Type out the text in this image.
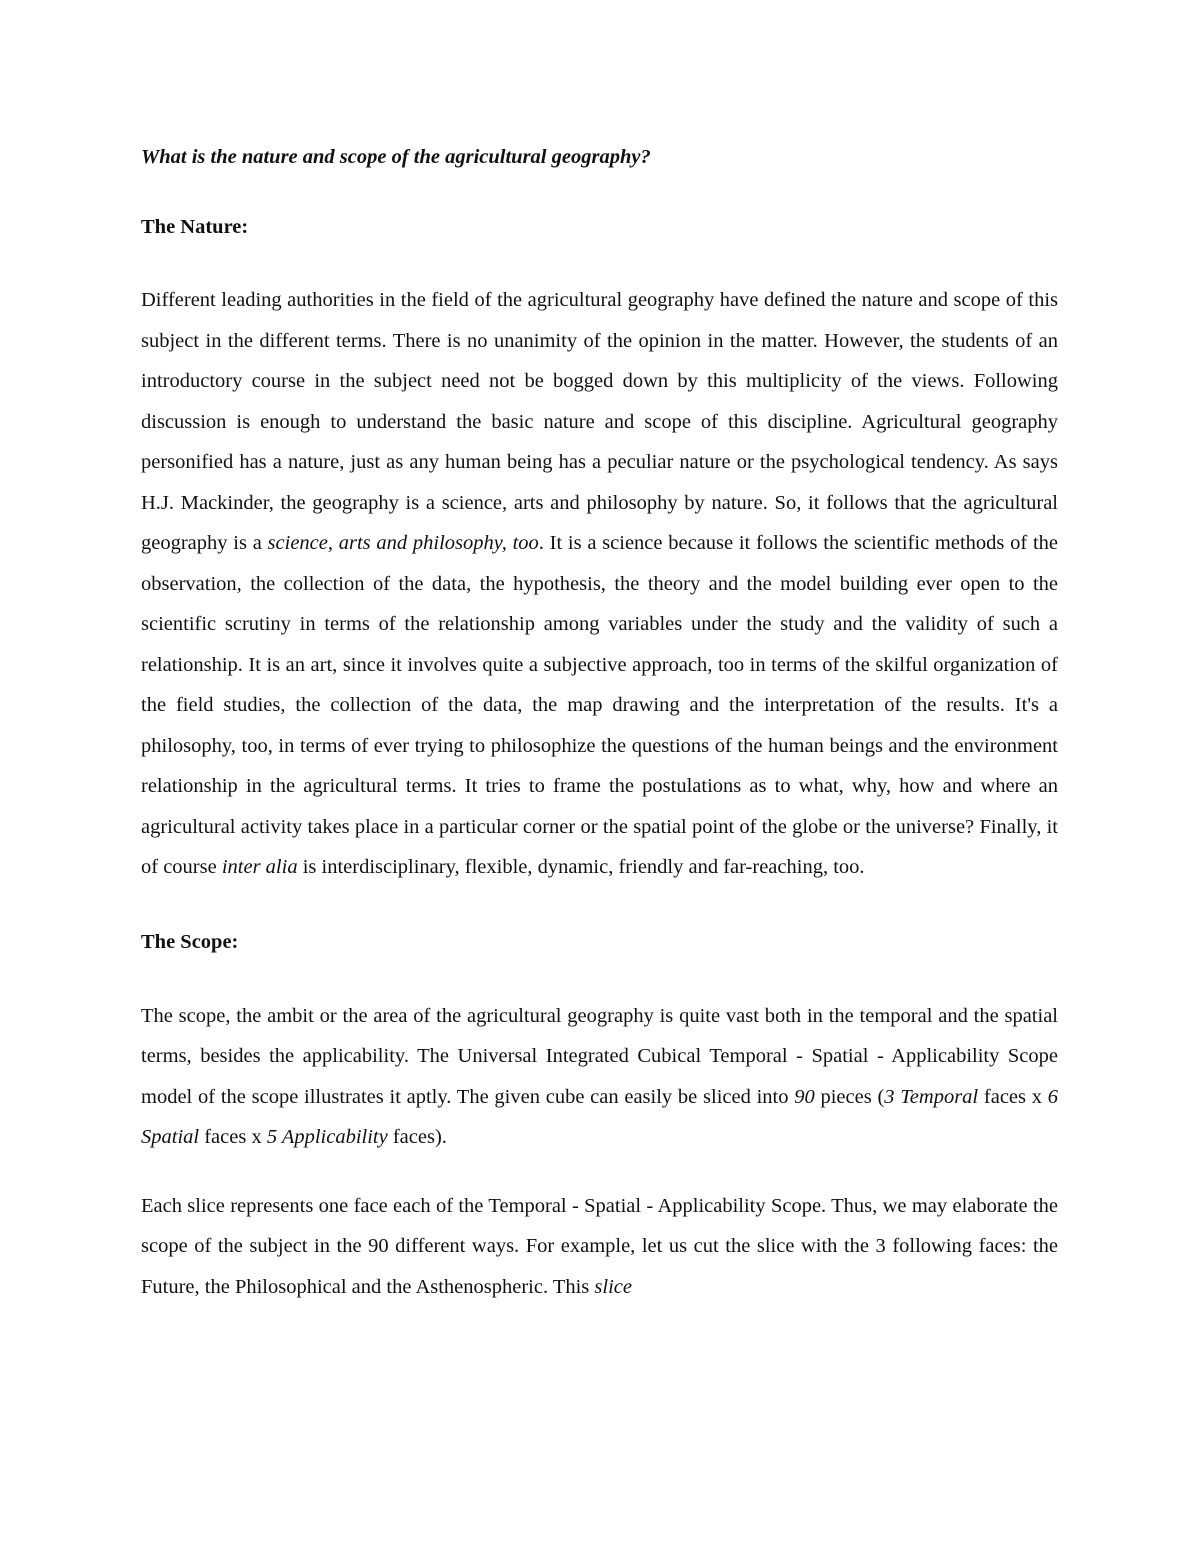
What is the nature and scope of the agricultural geography?

The Nature:

Different leading authorities in the field of the agricultural geography have defined the nature and scope of this subject in the different terms. There is no unanimity of the opinion in the matter. However, the students of an introductory course in the subject need not be bogged down by this multiplicity of the views. Following discussion is enough to understand the basic nature and scope of this discipline. Agricultural geography personified has a nature, just as any human being has a peculiar nature or the psychological tendency. As says H.J. Mackinder, the geography is a science, arts and philosophy by nature. So, it follows that the agricultural geography is a science, arts and philosophy, too. It is a science because it follows the scientific methods of the observation, the collection of the data, the hypothesis, the theory and the model building ever open to the scientific scrutiny in terms of the relationship among variables under the study and the validity of such a relationship. It is an art, since it involves quite a subjective approach, too in terms of the skilful organization of the field studies, the collection of the data, the map drawing and the interpretation of the results. It's a philosophy, too, in terms of ever trying to philosophize the questions of the human beings and the environment relationship in the agricultural terms. It tries to frame the postulations as to what, why, how and where an agricultural activity takes place in a particular corner or the spatial point of the globe or the universe? Finally, it of course inter alia is interdisciplinary, flexible, dynamic, friendly and far-reaching, too.

The Scope:

The scope, the ambit or the area of the agricultural geography is quite vast both in the temporal and the spatial terms, besides the applicability. The Universal Integrated Cubical Temporal - Spatial - Applicability Scope model of the scope illustrates it aptly. The given cube can easily be sliced into 90 pieces (3 Temporal faces x 6 Spatial faces x 5 Applicability faces).

Each slice represents one face each of the Temporal - Spatial - Applicability Scope. Thus, we may elaborate the scope of the subject in the 90 different ways. For example, let us cut the slice with the 3 following faces: the Future, the Philosophical and the Asthenospheric. This slice
